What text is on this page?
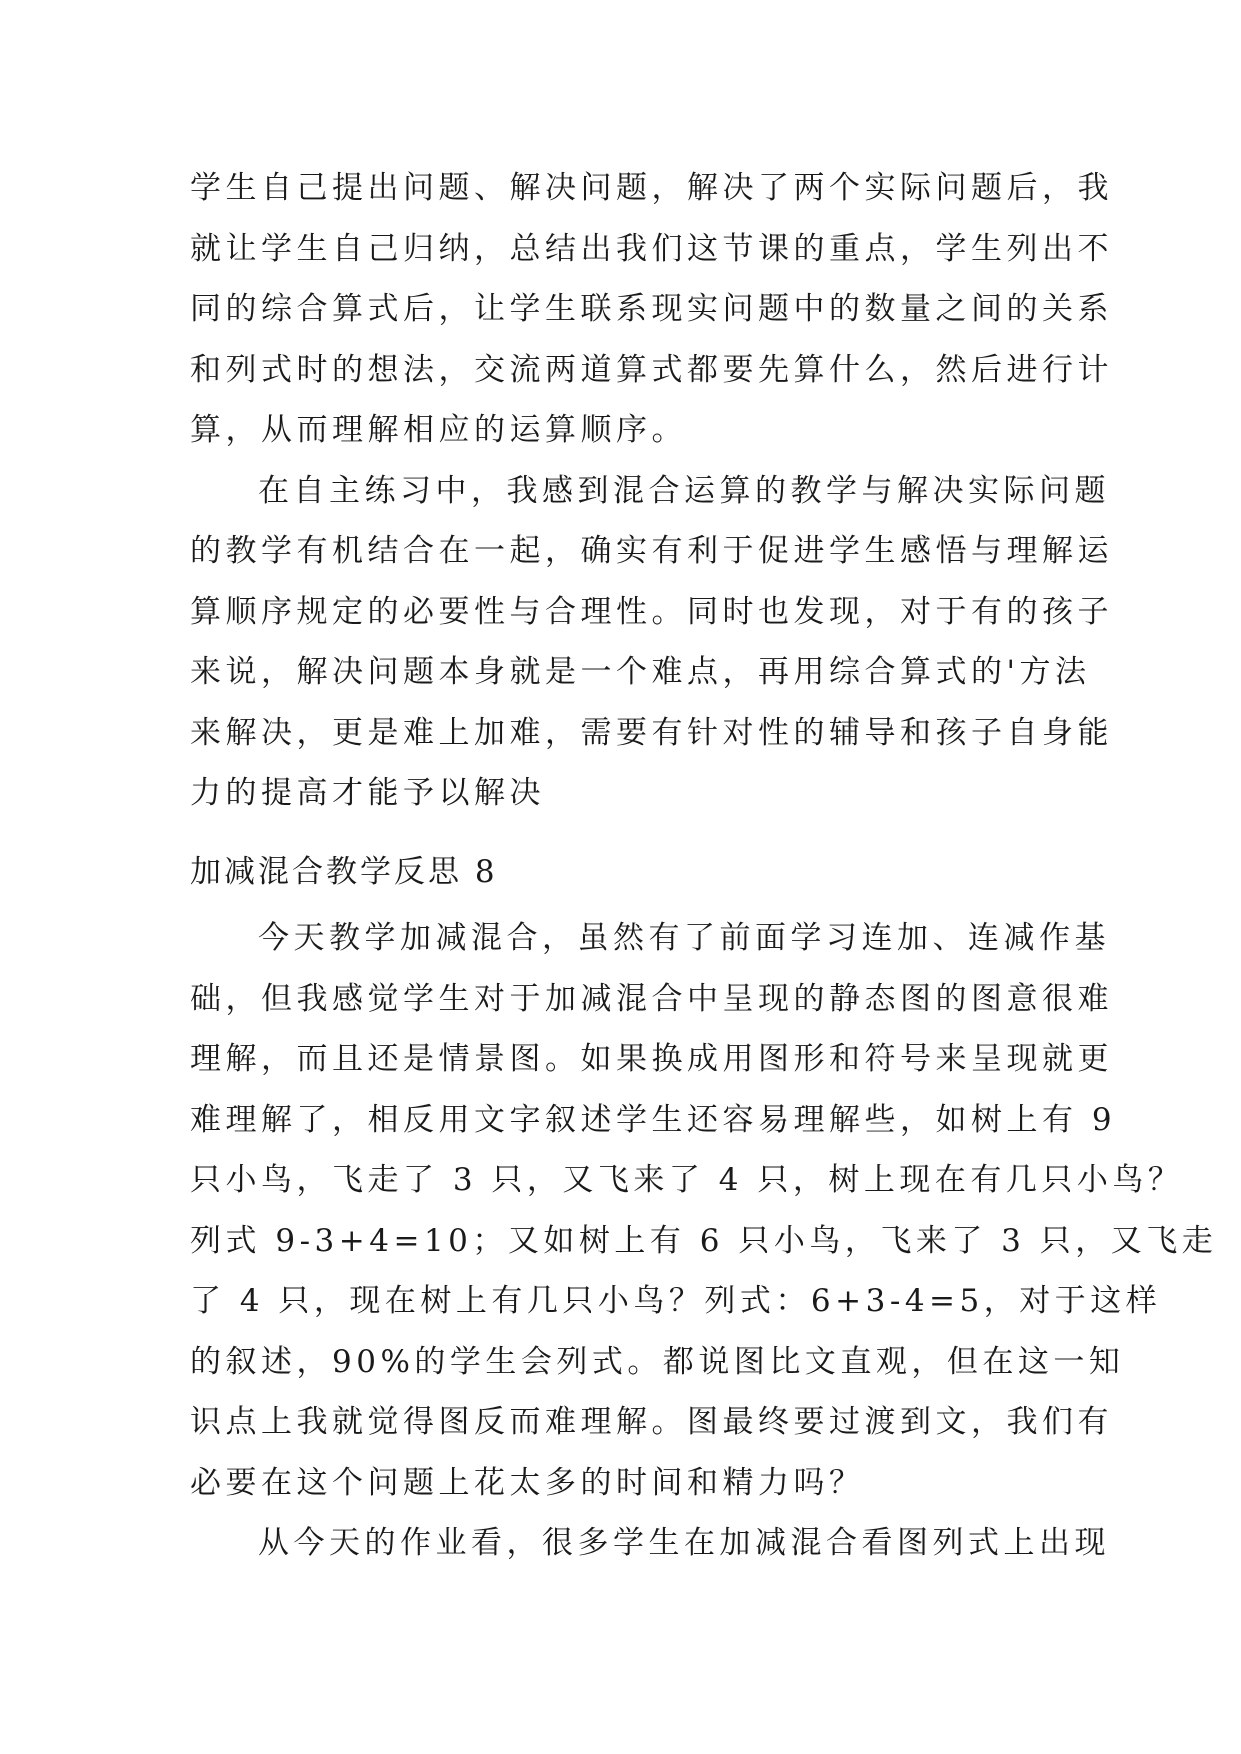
学生自己提出问题、解决问题，解决了两个实际问题后，我
就让学生自己归纳，总结出我们这节课的重点，学生列出不
同的综合算式后，让学生联系现实问题中的数量之间的关系
和列式时的想法，交流两道算式都要先算什么，然后进行计
算，从而理解相应的运算顺序。
在自主练习中，我感到混合运算的教学与解决实际问题
的教学有机结合在一起，确实有利于促进学生感悟与理解运
算顺序规定的必要性与合理性。同时也发现，对于有的孩子
来说，解决问题本身就是一个难点，再用综合算式的'方法
来解决，更是难上加难，需要有针对性的辅导和孩子自身能
力的提高才能予以解决
加减混合教学反思 8
今天教学加减混合，虽然有了前面学习连加、连减作基
础，但我感觉学生对于加减混合中呈现的静态图的图意很难
理解，而且还是情景图。如果换成用图形和符号来呈现就更
难理解了，相反用文字叙述学生还容易理解些，如树上有 9
只小鸟，飞走了 3 只，又飞来了 4 只，树上现在有几只小鸟？
列式 9-3+4=10；又如树上有 6 只小鸟，飞来了 3 只，又飞走
了 4 只，现在树上有几只小鸟？列式：6+3-4=5，对于这样
的叙述，90%的学生会列式。都说图比文直观，但在这一知
识点上我就觉得图反而难理解。图最终要过渡到文，我们有
必要在这个问题上花太多的时间和精力吗？
从今天的作业看，很多学生在加减混合看图列式上出现
